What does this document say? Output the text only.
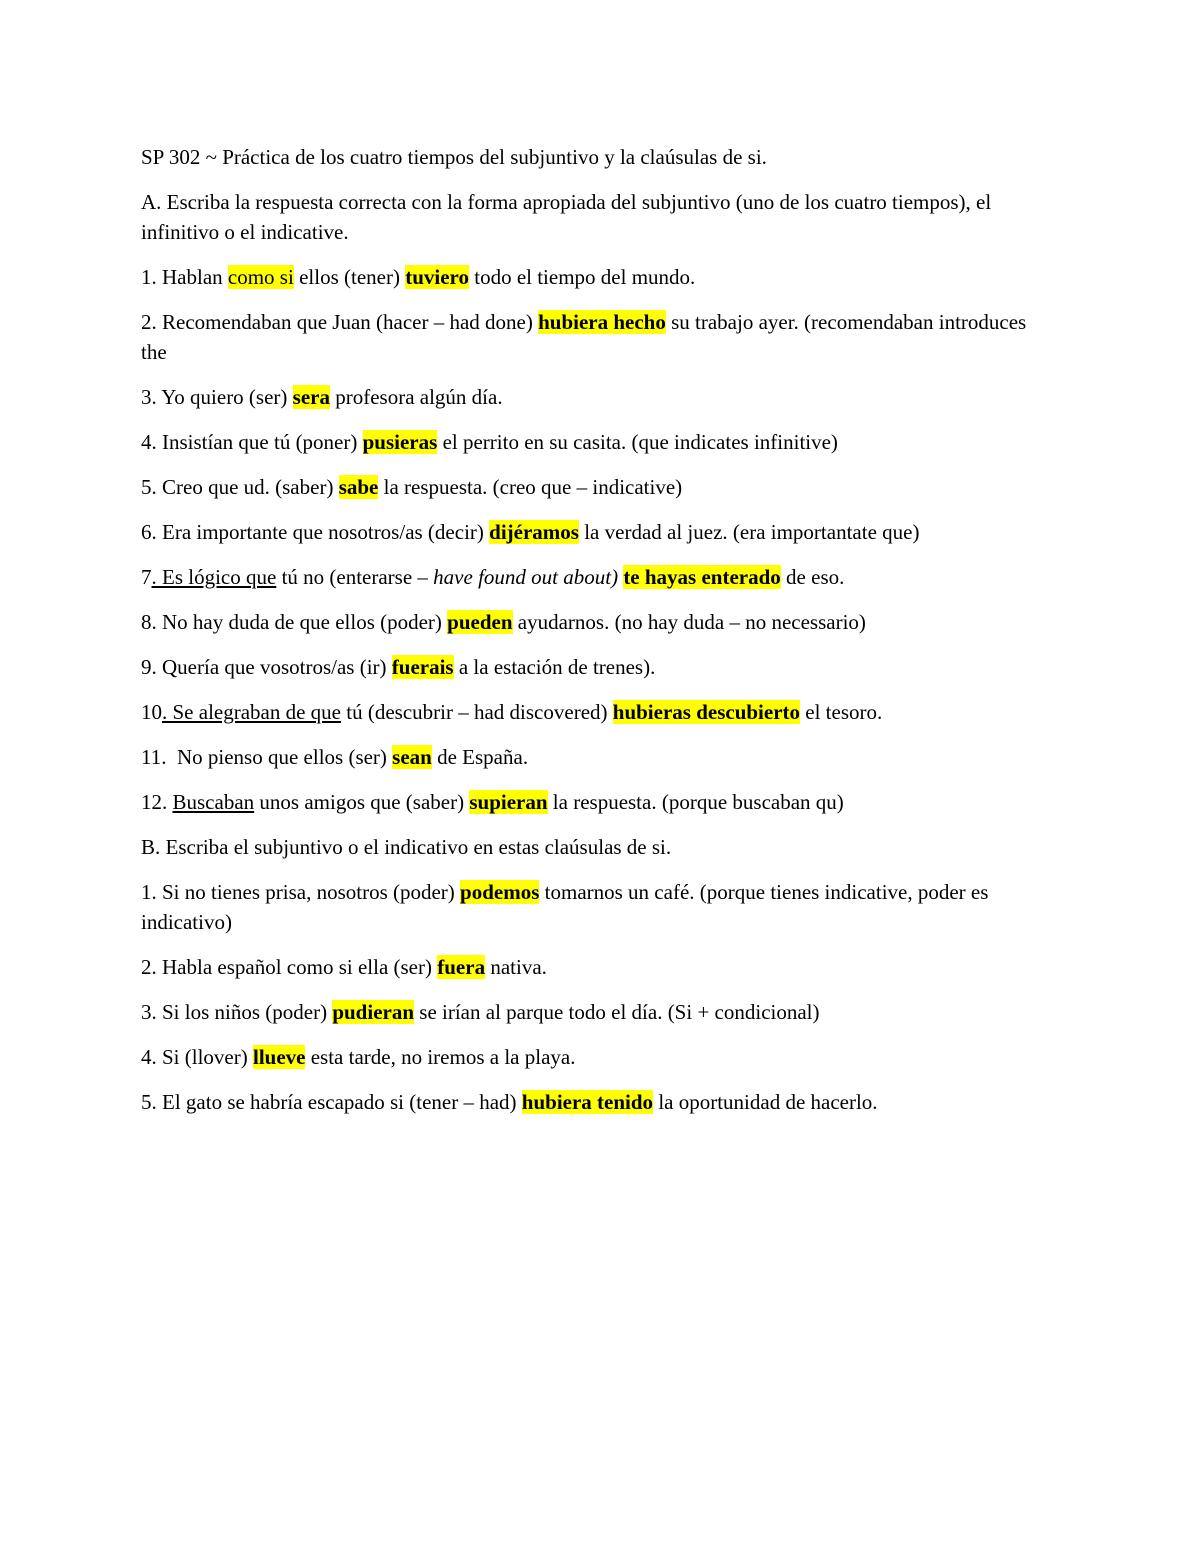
SP 302 ~ Práctica de los cuatro tiempos del subjuntivo y la claúsulas de si.

A. Escriba la respuesta correcta con la forma apropiada del subjuntivo (uno de los cuatro tiempos), el infinitivo o el indicative.

1. Hablan como si ellos (tener) tuviero todo el tiempo del mundo.

2. Recomendaban que Juan (hacer – had done) hubiera hecho su trabajo ayer. (recomendaban introduces the

3. Yo quiero (ser) sera profesora algún día.

4. Insistían que tú (poner) pusieras el perrito en su casita. (que indicates infinitive)

5. Creo que ud. (saber) sabe la respuesta. (creo que – indicative)

6. Era importante que nosotros/as (decir) dijéramos la verdad al juez. (era importantate que)

7. Es lógico que tú no (enterarse – have found out about) te hayas enterado de eso.

8. No hay duda de que ellos (poder) pueden ayudarnos. (no hay duda – no necessario)

9. Quería que vosotros/as (ir) fuerais a la estación de trenes).

10. Se alegraban de que tú (descubrir – had discovered) hubieras descubierto el tesoro.

11.  No pienso que ellos (ser) sean de España.

12. Buscaban unos amigos que (saber) supieran la respuesta. (porque buscaban qu)

B. Escriba el subjuntivo o el indicativo en estas claúsulas de si.

1. Si no tienes prisa, nosotros (poder) podemos tomarnos un café. (porque tienes indicative, poder es indicativo)

2. Habla español como si ella (ser) fuera nativa.

3. Si los niños (poder) pudieran se irían al parque todo el día. (Si + condicional)

4. Si (llover) llueve esta tarde, no iremos a la playa.

5. El gato se habría escapado si (tener – had) hubiera tenido la oportunidad de hacerlo.
